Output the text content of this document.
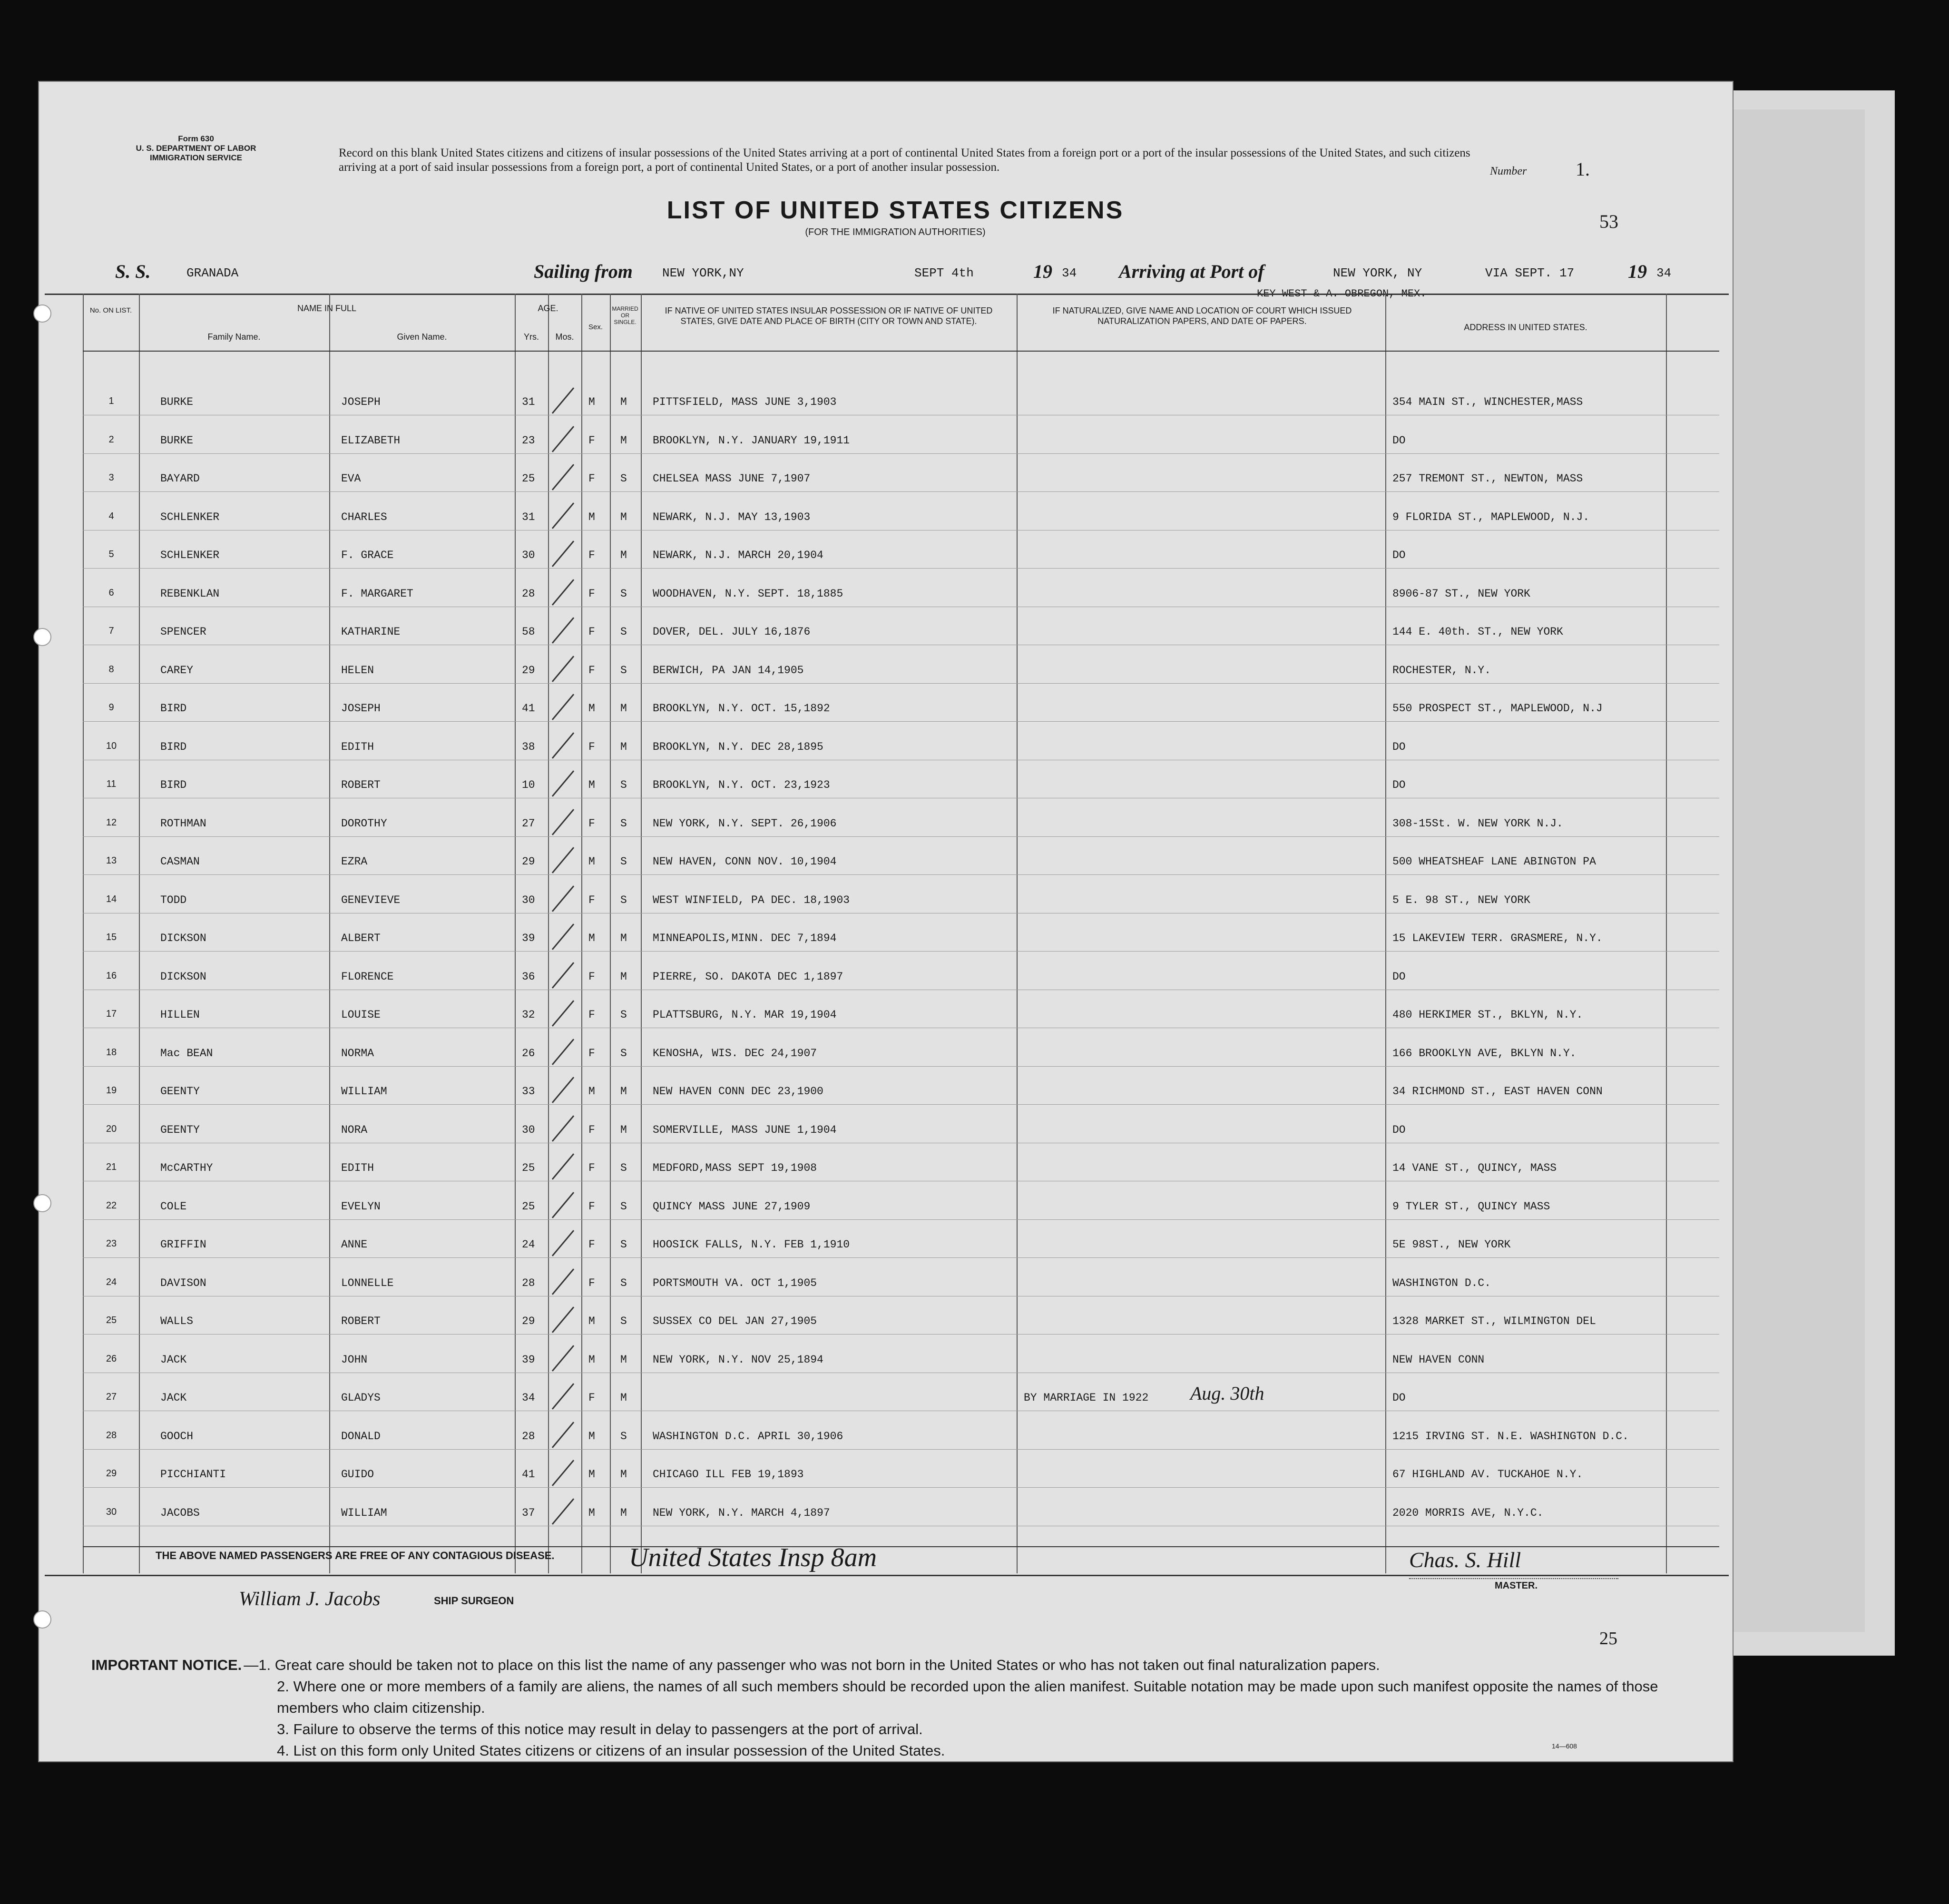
Form 630
U. S. DEPARTMENT OF LABOR
IMMIGRATION SERVICE	Record on this blank United States citizens and citizens of insular possessions of the United States arriving at a port of continental United States from a foreign port or a port of the insular possessions of the United States, and such citizens arriving at a port of said insular possessions from a foreign port, a port of continental United States, or a port of another insular possession.	Number	1.
LIST OF UNITED STATES CITIZENS
(FOR THE IMMIGRATION AUTHORITIES)	53
S. S.	GRANADA	Sailing from NEW YORK,NY	SEPT 4th	19 34 Arriving at Port of	NEW YORK, NY	VIA SEPT. 17	19 34
KEY WEST & A. OBREGON, MEX.
No. ON LIST.	NAME IN FULL
Family Name.	Given Name.
AGE.
Yrs.	Mos.
Sex.
MARRIED OR SINGLE.
IF NATIVE OF UNITED STATES INSULAR POSSESSION OR IF NATIVE OF UNITED STATES, GIVE DATE AND PLACE OF BIRTH (CITY OR TOWN AND STATE).
IF NATURALIZED, GIVE NAME AND LOCATION OF COURT WHICH ISSUED NATURALIZATION PAPERS, AND DATE OF PAPERS.
ADDRESS IN UNITED STATES.
1	BURKE	JOSEPH	31	M M PITTSFIELD, MASS JUNE 3,1903	354 MAIN ST., WINCHESTER,MASS
2	BURKE	ELIZABETH	23	F M BROOKLYN, N.Y. JANUARY 19,1911	DO
3	BAYARD	EVA	25	F S CHELSEA MASS JUNE 7,1907	257 TREMONT ST., NEWTON, MASS
4	SCHLENKER	CHARLES	31	M M NEWARK, N.J. MAY 13,1903	9 FLORIDA ST., MAPLEWOOD, N.J.
5	SCHLENKER	F. GRACE	30	F M NEWARK, N.J. MARCH 20,1904	DO
6	REBENKLAN	F. MARGARET	28	F S WOODHAVEN, N.Y. SEPT. 18,1885	8906-87 ST., NEW YORK
7	SPENCER	KATHARINE	58	F S DOVER, DEL. JULY 16,1876	144 E. 40th. ST., NEW YORK
8	CAREY	HELEN	29	F S BERWICH, PA JAN 14,1905	ROCHESTER, N.Y.
9	BIRD	JOSEPH	41	M M BROOKLYN, N.Y. OCT. 15,1892	550 PROSPECT ST., MAPLEWOOD, N.J
10	BIRD	EDITH	38	F M BROOKLYN, N.Y. DEC 28,1895	DO
11	BIRD	ROBERT	10	M S BROOKLYN, N.Y. OCT. 23,1923	DO
12	ROTHMAN	DOROTHY	27	F S NEW YORK, N.Y. SEPT. 26,1906	308-15St. W. NEW YORK N.J.
13	CASMAN	EZRA	29	M S NEW HAVEN, CONN NOV. 10,1904	500 WHEATSHEAF LANE ABINGTON PA
14	TODD	GENEVIEVE	30	F S WEST WINFIELD, PA DEC. 18,1903	5 E. 98 ST., NEW YORK
15	DICKSON	ALBERT	39	M M MINNEAPOLIS,MINN. DEC 7,1894	15 LAKEVIEW TERR. GRASMERE, N.Y.
16	DICKSON	FLORENCE	36	F M PIERRE, SO. DAKOTA DEC 1,1897	DO
17	HILLEN	LOUISE	32	F S PLATTSBURG, N.Y. MAR 19,1904	480 HERKIMER ST., BKLYN, N.Y.
18	Mac BEAN	NORMA	26	F S KENOSHA, WIS. DEC 24,1907	166 BROOKLYN AVE, BKLYN N.Y.
19	GEENTY	WILLIAM	33	M M NEW HAVEN CONN DEC 23,1900	34 RICHMOND ST., EAST HAVEN CONN
20	GEENTY	NORA	30	F M SOMERVILLE, MASS JUNE 1,1904	DO
21	McCARTHY	EDITH	25	F S MEDFORD,MASS SEPT 19,1908	14 VANE ST., QUINCY, MASS
22	COLE	EVELYN	25	F S QUINCY MASS JUNE 27,1909	9 TYLER ST., QUINCY MASS
23	GRIFFIN	ANNE	24	F S HOOSICK FALLS, N.Y. FEB 1,1910	5E 98ST., NEW YORK
24	DAVISON	LONNELLE	28	F S PORTSMOUTH VA. OCT 1,1905	WASHINGTON D.C.
25	WALLS	ROBERT	29	M S SUSSEX CO DEL JAN 27,1905	1328 MARKET ST., WILMINGTON DEL
26	JACK	JOHN	39	M M NEW YORK, N.Y. NOV 25,1894	NEW HAVEN CONN
27	JACK	GLADYS	34	F M	BY MARRIAGE IN 1922	DO
28	GOOCH	DONALD	28	M S WASHINGTON D.C. APRIL 30,1906	1215 IRVING ST. N.E. WASHINGTON D.C.
29	PICCHIANTI	GUIDO	41	M M CHICAGO ILL FEB 19,1893	67 HIGHLAND AV. TUCKAHOE N.Y.
30	JACOBS	WILLIAM	37	M M NEW YORK, N.Y. MARCH 4,1897	2020 MORRIS AVE, N.Y.C.
Aug. 30th
THE ABOVE NAMED PASSENGERS ARE FREE OF ANY CONTAGIOUS DISEASE.	United States Insp 8am	Chas. S. Hill
MASTER.
William J. Jacobs	SHIP SURGEON
25
IMPORTANT NOTICE. —1. Great care should be taken not to place on this list the name of any passenger who was not born in the United States or who has not taken out final naturalization papers.
2. Where one or more members of a family are aliens, the names of all such members should be recorded upon the alien manifest. Suitable notation may be made upon such manifest opposite the names of those members who claim citizenship.
3. Failure to observe the terms of this notice may result in delay to passengers at the port of arrival.
4. List on this form only United States citizens or citizens of an insular possession of the United States.	14—608
